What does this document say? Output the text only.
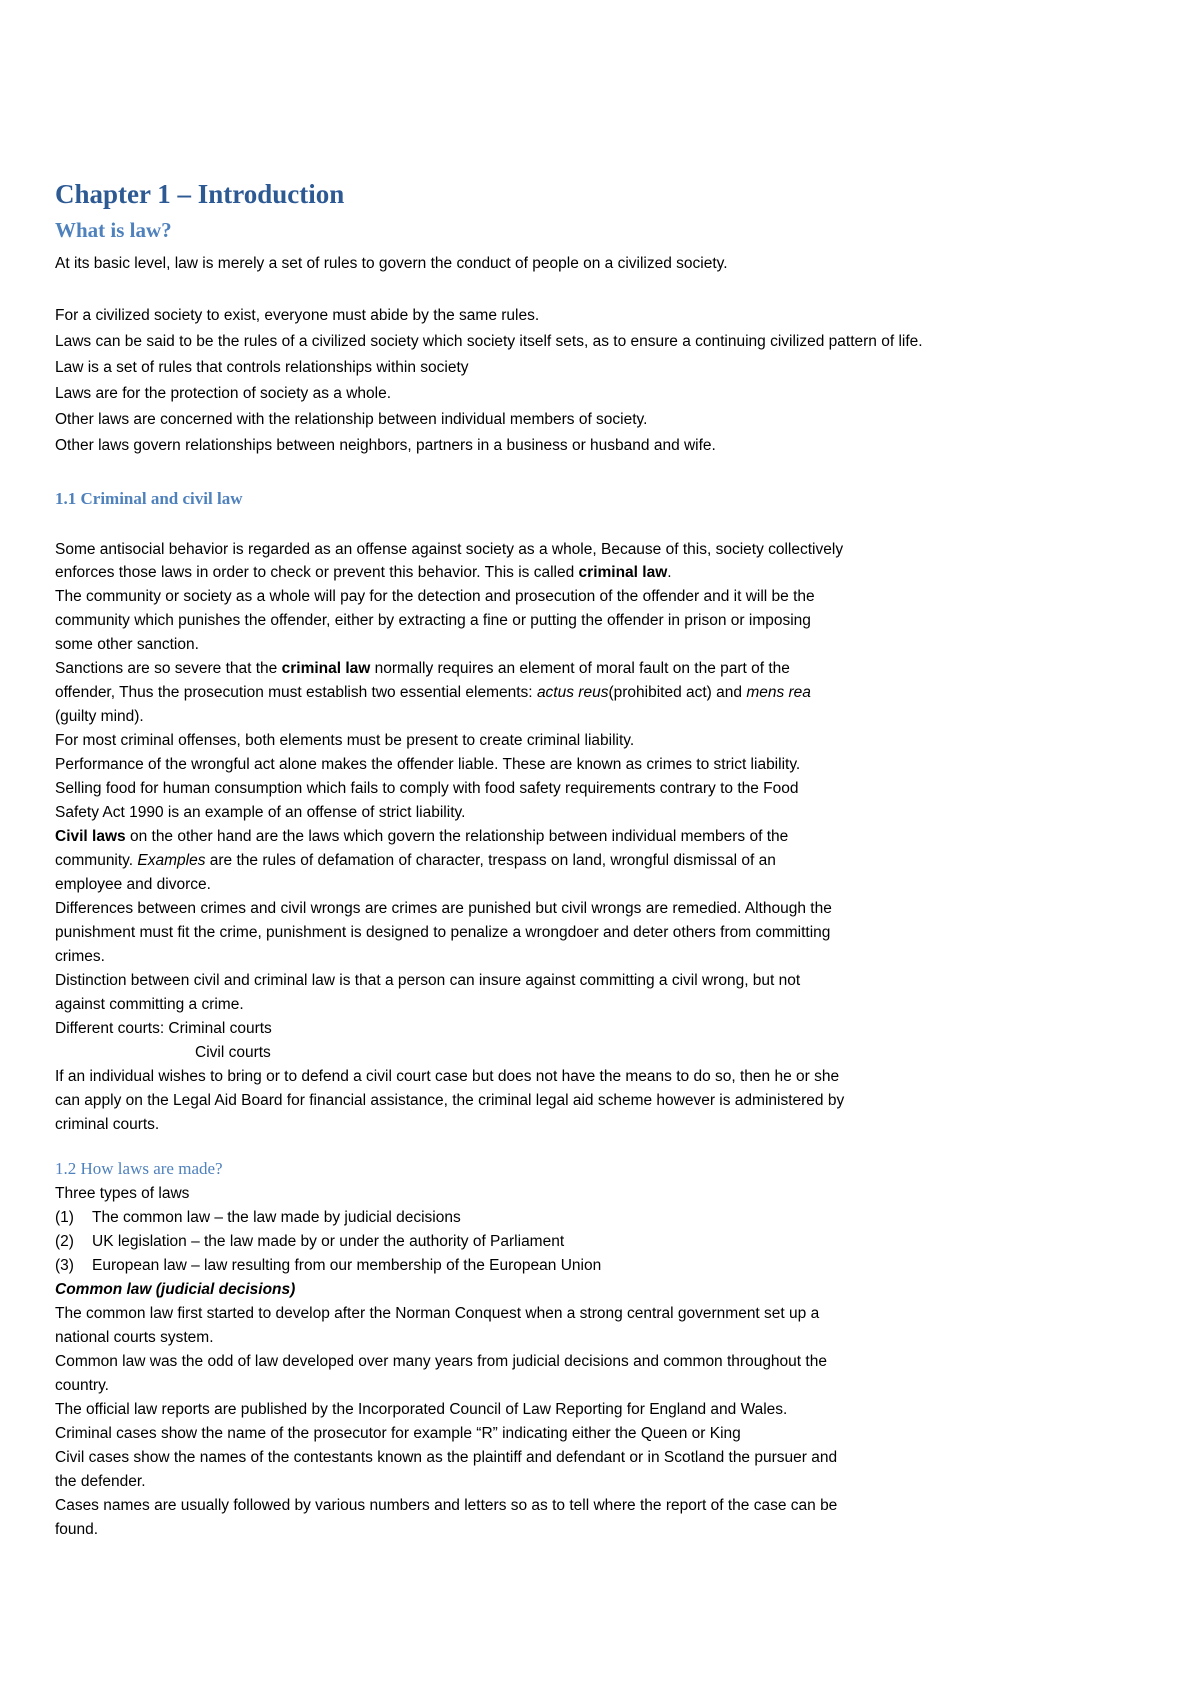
Chapter 1 – Introduction
What is law?
At its basic level, law is merely a set of rules to govern the conduct of people on a civilized society.
For a civilized society to exist, everyone must abide by the same rules.
Laws can be said to be the rules of a civilized society which society itself sets, as to ensure a continuing civilized pattern of life.
Law is a set of rules that controls relationships within society
Laws are for the protection of society as a whole.
Other laws are concerned with the relationship between individual members of society.
Other laws govern relationships between neighbors, partners in a business or husband and wife.
1.1 Criminal and civil law
Some antisocial behavior is regarded as an offense against society as a whole, Because of this, society collectively
enforces those laws in order to check or prevent this behavior. This is called criminal law.
The community or society as a whole will pay for the detection and prosecution of the offender and it will be the
community which punishes the offender, either by extracting a fine or putting the offender in prison or imposing
some other sanction.
Sanctions are so severe that the criminal law normally requires an element of moral fault on the part of the
offender, Thus the prosecution must establish two essential elements: actus reus(prohibited act) and mens rea
(guilty mind).
For most criminal offenses, both elements must be present to create criminal liability.
Performance of the wrongful act alone makes the offender liable. These are known as crimes to strict liability.
Selling food for human consumption which fails to comply with food safety requirements contrary to the Food
Safety Act 1990 is an example of an offense of strict liability.
Civil laws on the other hand are the laws which govern the relationship between individual members of the
community. Examples are the rules of defamation of character, trespass on land, wrongful dismissal of an
employee and divorce.
Differences between crimes and civil wrongs are crimes are punished but civil wrongs are remedied. Although the
punishment must fit the crime, punishment is designed to penalize a wrongdoer and deter others from committing
crimes.
Distinction between civil and criminal law is that a person can insure against committing a civil wrong, but not
against committing a crime.
Different courts: Criminal courts
Civil courts
If an individual wishes to bring or to defend a civil court case but does not have the means to do so, then he or she
can apply on the Legal Aid Board for financial assistance, the criminal legal aid scheme however is administered by
criminal courts.
1.2 How laws are made?
Three types of laws
(1) The common law – the law made by judicial decisions
(2) UK legislation – the law made by or under the authority of Parliament
(3) European law – law resulting from our membership of the European Union
Common law (judicial decisions)
The common law first started to develop after the Norman Conquest when a strong central government set up a
national courts system.
Common law was the odd of law developed over many years from judicial decisions and common throughout the
country.
The official law reports are published by the Incorporated Council of Law Reporting for England and Wales.
Criminal cases show the name of the prosecutor for example “R” indicating either the Queen or King
Civil cases show the names of the contestants known as the plaintiff and defendant or in Scotland the pursuer and
the defender.
Cases names are usually followed by various numbers and letters so as to tell where the report of the case can be
found.
